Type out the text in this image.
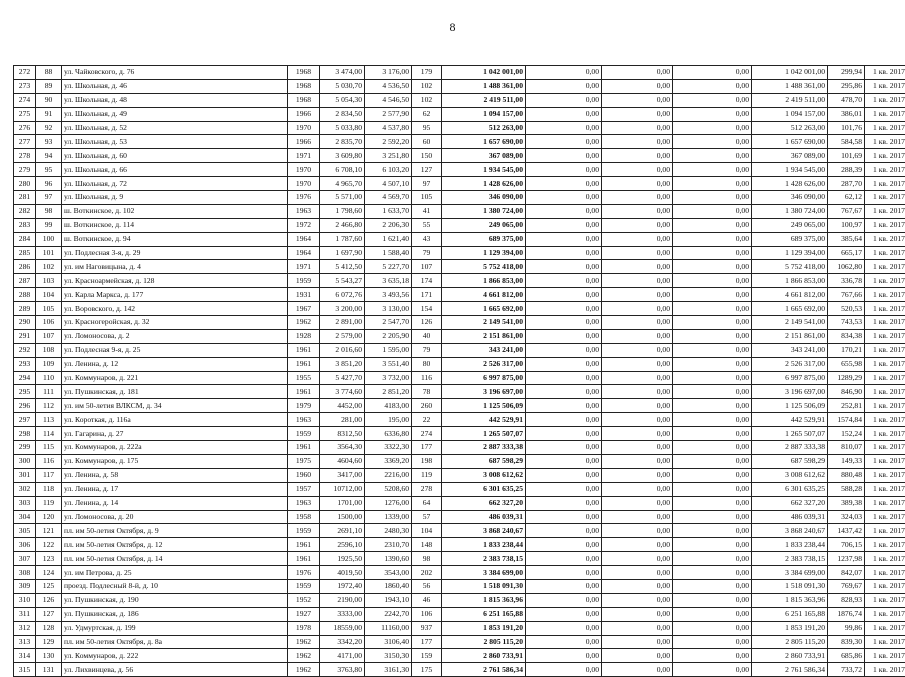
8
272	88	ул. Чайковского, д. 76	1968	3 474,00	3 176,00	179	1 042 001,00	0,00	0,00	0,00	1 042 001,00	299,94	1 кв. 2017
273	89	ул. Школьная, д. 46	1968	5 030,70	4 536,50	102	1 488 361,00	0,00	0,00	0,00	1 488 361,00	295,86	1 кв. 2017
274	90	ул. Школьная, д. 48	1968	5 054,30	4 546,50	102	2 419 511,00	0,00	0,00	0,00	2 419 511,00	478,70	1 кв. 2017
275	91	ул. Школьная, д. 49	1966	2 834,50	2 577,90	62	1 094 157,00	0,00	0,00	0,00	1 094 157,00	386,01	1 кв. 2017
276	92	ул. Школьная, д. 52	1970	5 033,80	4 537,80	95	512 263,00	0,00	0,00	0,00	512 263,00	101,76	1 кв. 2017
277	93	ул. Школьная, д. 53	1966	2 835,70	2 592,20	60	1 657 690,00	0,00	0,00	0,00	1 657 690,00	584,58	1 кв. 2017
278	94	ул. Школьная, д. 60	1971	3 609,80	3 251,80	150	367 089,00	0,00	0,00	0,00	367 089,00	101,69	1 кв. 2017
279	95	ул. Школьная, д. 66	1970	6 708,10	6 103,20	127	1 934 545,00	0,00	0,00	0,00	1 934 545,00	288,39	1 кв. 2017
280	96	ул. Школьная, д. 72	1970	4 965,70	4 507,10	97	1 428 626,00	0,00	0,00	0,00	1 428 626,00	287,70	1 кв. 2017
281	97	ул. Школьная, д. 9	1976	5 571,00	4 569,70	105	346 090,00	0,00	0,00	0,00	346 090,00	62,12	1 кв. 2017
282	98	ш. Воткинское, д. 102	1963	1 798,60	1 633,70	41	1 380 724,00	0,00	0,00	0,00	1 380 724,00	767,67	1 кв. 2017
283	99	ш. Воткинское, д. 114	1972	2 466,80	2 206,30	55	249 065,00	0,00	0,00	0,00	249 065,00	100,97	1 кв. 2017
284	100	ш. Воткинское, д. 94	1964	1 787,60	1 621,40	43	689 375,00	0,00	0,00	0,00	689 375,00	385,64	1 кв. 2017
285	101	ул. Подлесная 3-я, д. 29	1964	1 697,90	1 588,40	79	1 129 394,00	0,00	0,00	0,00	1 129 394,00	665,17	1 кв. 2017
286	102	ул. им Наговицына, д. 4	1971	5 412,50	5 227,70	107	5 752 418,00	0,00	0,00	0,00	5 752 418,00	1062,80	1 кв. 2017
287	103	ул. Красноармейская, д. 128	1959	5 543,27	3 635,18	174	1 866 853,00	0,00	0,00	0,00	1 866 853,00	336,78	1 кв. 2017
288	104	ул. Карла Маркса, д. 177	1931	6 072,76	3 493,56	171	4 661 812,00	0,00	0,00	0,00	4 661 812,00	767,66	1 кв. 2017
289	105	ул. Воровского, д. 142	1967	3 200,00	3 130,00	154	1 665 692,00	0,00	0,00	0,00	1 665 692,00	520,53	1 кв. 2017
290	106	ул. Красногеройская, д. 32	1962	2 891,00	2 547,70	126	2 149 541,00	0,00	0,00	0,00	2 149 541,00	743,53	1 кв. 2017
291	107	ул. Ломоносова, д. 2	1928	2 579,00	2 205,90	40	2 151 861,00	0,00	0,00	0,00	2 151 861,00	834,38	1 кв. 2017
292	108	ул. Подлесная 9-я, д. 25	1961	2 016,60	1 595,00	79	343 241,00	0,00	0,00	0,00	343 241,00	170,21	1 кв. 2017
293	109	ул. Ленина, д. 12	1961	3 851,20	3 551,40	80	2 526 317,00	0,00	0,00	0,00	2 526 317,00	655,98	1 кв. 2017
294	110	ул. Коммунаров, д. 221	1955	5 427,70	3 732,00	116	6 997 875,00	0,00	0,00	0,00	6 997 875,00	1289,29	1 кв. 2017
295	111	ул. Пушкинская, д. 181	1961	3 774,60	2 851,20	78	3 196 697,00	0,00	0,00	0,00	3 196 697,00	846,90	1 кв. 2017
296	112	ул. им 50-летия ВЛКСМ, д. 34	1979	4452,00	4183,00	260	1 125 506,09	0,00	0,00	0,00	1 125 506,09	252,81	1 кв. 2017
297	113	ул. Короткая, д. 116а	1963	281,00	195,00	22	442 529,91	0,00	0,00	0,00	442 529,91	1574,84	1 кв. 2017
298	114	ул. Гагарина, д. 27	1959	8312,50	6336,80	274	1 265 507,07	0,00	0,00	0,00	1 265 507,07	152,24	1 кв. 2017
299	115	ул. Коммунаров, д. 222а	1961	3564,30	3322,30	177	2 887 333,38	0,00	0,00	0,00	2 887 333,38	810,07	1 кв. 2017
300	116	ул. Коммунаров, д. 175	1975	4604,60	3369,20	198	687 598,29	0,00	0,00	0,00	687 598,29	149,33	1 кв. 2017
301	117	ул. Ленина, д. 58	1960	3417,00	2216,00	119	3 008 612,62	0,00	0,00	0,00	3 008 612,62	880,48	1 кв. 2017
302	118	ул. Ленина, д. 17	1957	10712,00	5208,60	278	6 301 635,25	0,00	0,00	0,00	6 301 635,25	588,28	1 кв. 2017
303	119	ул. Ленина, д. 14	1963	1701,00	1276,00	64	662 327,20	0,00	0,00	0,00	662 327,20	389,38	1 кв. 2017
304	120	ул. Ломоносова, д. 20	1958	1500,00	1339,00	57	486 039,31	0,00	0,00	0,00	486 039,31	324,03	1 кв. 2017
305	121	пл. им 50-летия Октября, д. 9	1959	2691,10	2480,30	104	3 868 240,67	0,00	0,00	0,00	3 868 240,67	1437,42	1 кв. 2017
306	122	пл. им 50-летия Октября, д. 12	1961	2596,10	2310,70	148	1 833 238,44	0,00	0,00	0,00	1 833 238,44	706,15	1 кв. 2017
307	123	пл. им 50-летия Октября, д. 14	1961	1925,50	1390,60	98	2 383 738,15	0,00	0,00	0,00	2 383 738,15	1237,98	1 кв. 2017
308	124	ул. им Петрова, д. 25	1976	4019,50	3543,00	202	3 384 699,00	0,00	0,00	0,00	3 384 699,00	842,07	1 кв. 2017
309	125	проезд. Подлесный 8-й, д. 10	1959	1972,40	1860,40	56	1 518 091,30	0,00	0,00	0,00	1 518 091,30	769,67	1 кв. 2017
310	126	ул. Пушкинская, д. 190	1952	2190,00	1943,10	46	1 815 363,96	0,00	0,00	0,00	1 815 363,96	828,93	1 кв. 2017
311	127	ул. Пушкинская, д. 186	1927	3333,00	2242,70	106	6 251 165,88	0,00	0,00	0,00	6 251 165,88	1876,74	1 кв. 2017
312	128	ул. Удмуртская, д. 199	1978	18559,00	11160,00	937	1 853 191,20	0,00	0,00	0,00	1 853 191,20	99,86	1 кв. 2017
313	129	пл. им 50-летия Октября, д. 8а	1962	3342,20	3106,40	177	2 805 115,20	0,00	0,00	0,00	2 805 115,20	839,30	1 кв. 2017
314	130	ул. Коммунаров, д. 222	1962	4171,00	3150,30	159	2 860 733,91	0,00	0,00	0,00	2 860 733,91	685,86	1 кв. 2017
315	131	ул. Лихвинцева, д. 56	1962	3763,80	3161,30	175	2 761 586,34	0,00	0,00	0,00	2 761 586,34	733,72	1 кв. 2017
